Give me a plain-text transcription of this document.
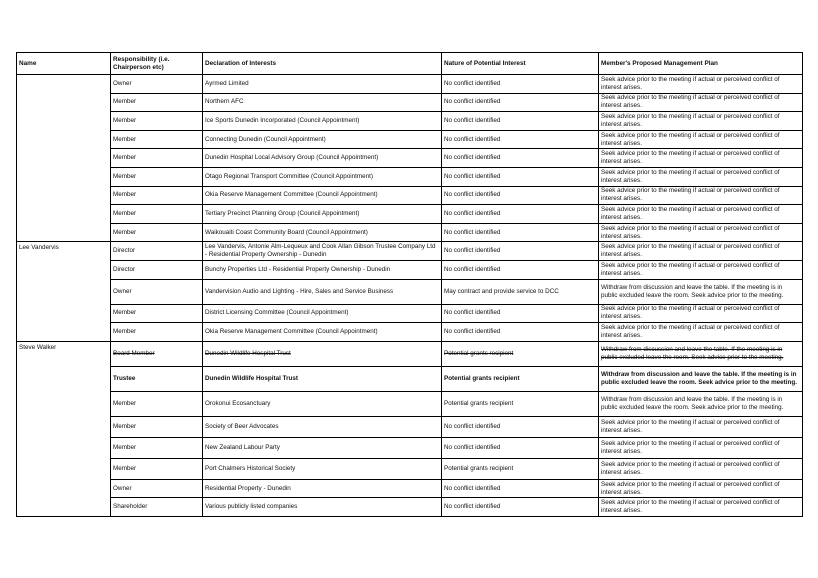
Name	Responsibility (i.e. Chairperson etc)	Declaration of Interests	Nature of Potential Interest	Member's Proposed Management Plan
	Owner	Ayrmed Limited	No conflict identified	Seek advice prior to the meeting if actual or perceived conflict of interest arises.
	Member	Northern AFC	No conflict identified	Seek advice prior to the meeting if actual or perceived conflict of interest arises.
	Member	Ice Sports Dunedin Incorporated (Council Appointment)	No conflict identified	Seek advice prior to the meeting if actual or perceived conflict of interest arises.
	Member	Connecting Dunedin (Council Appointment)	No conflict identified	Seek advice prior to the meeting if actual or perceived conflict of interest arises.
	Member	Dunedin Hospital Local Advisory Group (Council Appointment)	No conflict identified	Seek advice prior to the meeting if actual or perceived conflict of interest arises.
	Member	Otago Regional Transport Committee (Council Appointment)	No conflict identified	Seek advice prior to the meeting if actual or perceived conflict of interest arises.
	Member	Okia Reserve Management Committee (Council Appointment)	No conflict identified	Seek advice prior to the meeting if actual or perceived conflict of interest arises.
	Member	Tertiary Precinct Planning Group (Council Appointment)	No conflict identified	Seek advice prior to the meeting if actual or perceived conflict of interest arises.
	Member	Waikouaiti Coast Community Board (Council Appointment)	No conflict identified	Seek advice prior to the meeting if actual or perceived conflict of interest arises.
Lee Vandervis	Director	Lee Vandervis, Antonie Alm-Lequeux and Cook Allan Gibson Trustee Company Ltd - Residential Property Ownership - Dunedin	No conflict identified	Seek advice prior to the meeting if actual or perceived conflict of interest arises.
	Director	Bunchy Properties Ltd - Residential Property Ownership - Dunedin	No conflict identified	Seek advice prior to the meeting if actual or perceived conflict of interest arises.
	Owner	Vandervision Audio and Lighting - Hire, Sales and Service Business	May contract and provide service to DCC	Withdraw from discussion and leave the table. If the meeting is in public excluded leave the room. Seek advice prior to the meeting.
	Member	District Licensing Committee (Council Appointment)	No conflict identified	Seek advice prior to the meeting if actual or perceived conflict of interest arises.
	Member	Okia Reserve Management Committee (Council Appointment)	No conflict identified	Seek advice prior to the meeting if actual or perceived conflict of interest arises.
Steve Walker	Board Member	Dunedin Wildlife Hospital Trust	Potential grants recipient	Withdraw from discussion and leave the table. If the meeting is in public excluded leave the room. Seek advice prior to the meeting.
	Trustee	Dunedin Wildlife Hospital Trust	Potential grants recipient	Withdraw from discussion and leave the table. If the meeting is in public excluded leave the room. Seek advice prior to the meeting.
	Member	Orokonui Ecosanctuary	Potential grants recipient	Withdraw from discussion and leave the table. If the meeting is in public excluded leave the room. Seek advice prior to the meeting.
	Member	Society of Beer Advocates	No conflict identified	Seek advice prior to the meeting if actual or perceived conflict of interest arises.
	Member	New Zealand Labour Party	No conflict identified	Seek advice prior to the meeting if actual or perceived conflict of interest arises.
	Member	Port Chalmers Historical Society	Potential grants recipient	Seek advice prior to the meeting if actual or perceived conflict of interest arises.
	Owner	Residential Property - Dunedin	No conflict identified	Seek advice prior to the meeting if actual or perceived conflict of interest arises.
	Shareholder	Various publicly listed companies	No conflict identified	Seek advice prior to the meeting if actual or perceived conflict of interest arises.
